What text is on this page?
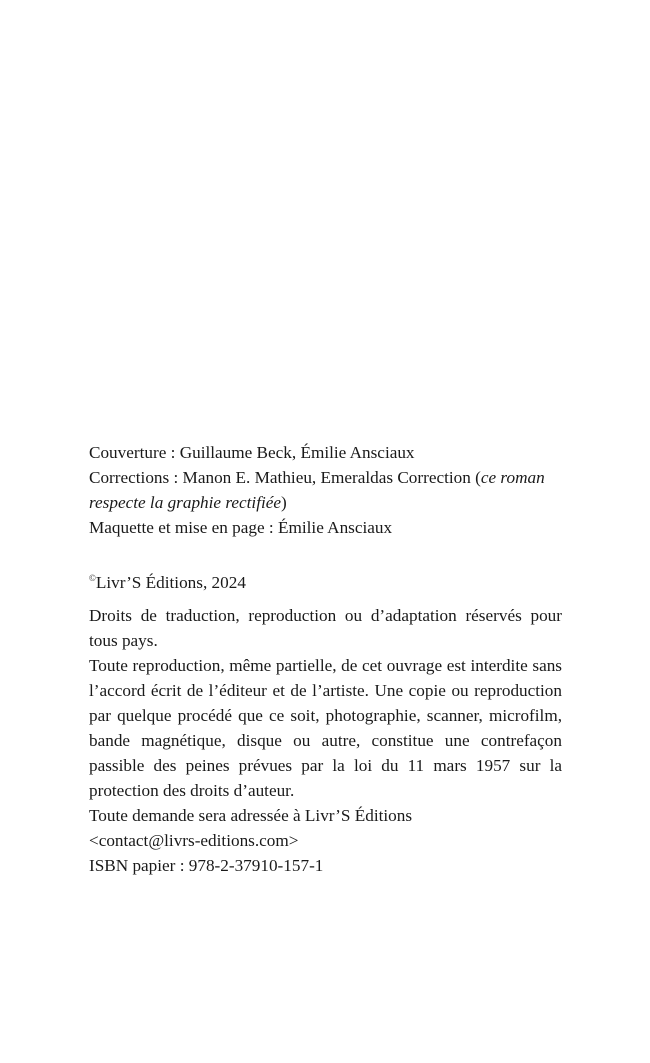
Couverture : Guillaume Beck, Émilie Ansciaux

Corrections : Manon E. Mathieu, Emeraldas Correction (ce roman respecte la graphie rectifiée)

Maquette et mise en page : Émilie Ansciaux

©Livr’S Éditions, 2024

Droits de traduction, reproduction ou d’adaptation réservés pour tous pays.

Toute reproduction, même partielle, de cet ouvrage est interdite sans l’accord écrit de l’éditeur et de l’artiste. Une copie ou reproduction par quelque procédé que ce soit, photographie, scanner, microfilm, bande magnétique, disque ou autre, constitue une contrefaçon passible des peines prévues par la loi du 11 mars 1957 sur la protection des droits d’auteur.

Toute demande sera adressée à Livr’S Éditions

<contact@livrs-editions.com>

ISBN papier : 978-2-37910-157-1
